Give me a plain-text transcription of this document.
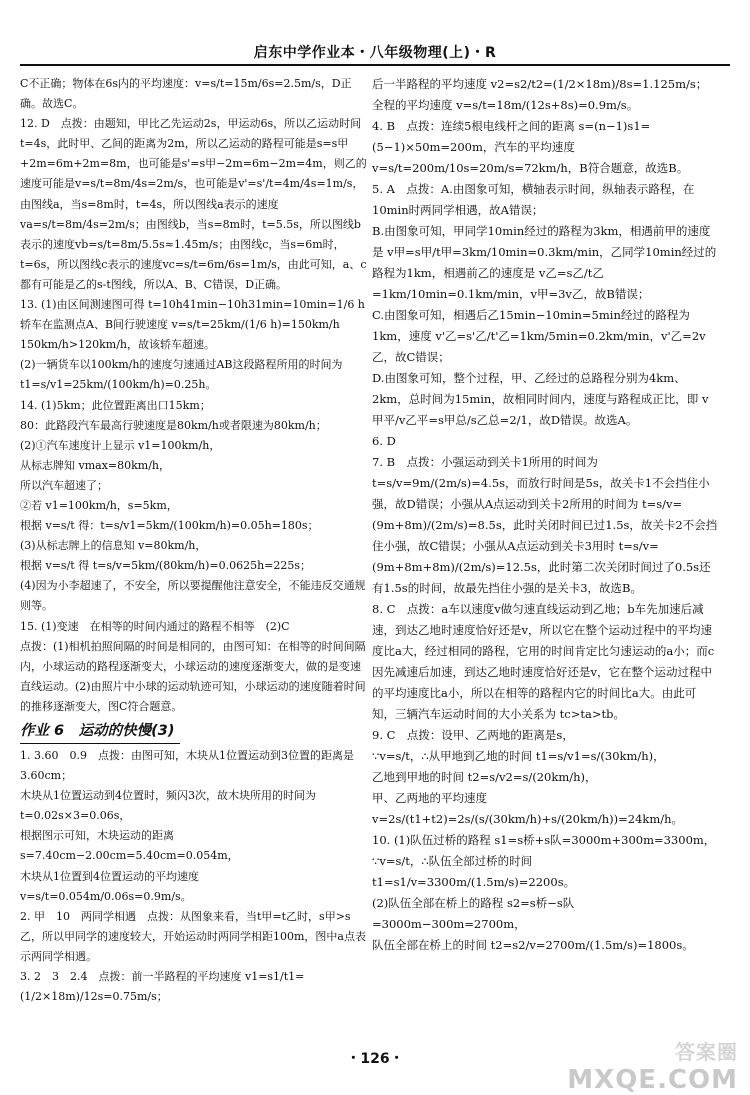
启东中学作业本・八年级物理(上)・R

C不正确；物体在6s内的平均速度：v=s/t=15m/6s=2.5m/s，D正确。故选C。

12. D　点拨：由题知，甲比乙先运动2s，甲运动6s，所以乙运动时间t=4s，此时甲、乙间的距离为2m，所以乙运动的路程可能是s=s甲+2m=6m+2m=8m，也可能是s'=s甲−2m=6m−2m=4m，则乙的速度可能是v=s/t=8m/4s=2m/s，也可能是v'=s'/t=4m/4s=1m/s，由图线a，当s=8m时，t=4s，所以图线a表示的速度va=s/t=8m/4s=2m/s；由图线b，当s=8m时，t=5.5s，所以图线b表示的速度vb=s/t=8m/5.5s≈1.45m/s；由图线c，当s=6m时，t=6s，所以图线c表示的速度vc=s/t=6m/6s=1m/s，由此可知，a、c都有可能是乙的s-t图线，所以A、B、C错误，D正确。

13. (1)由区间测速图可得 t=10h41min−10h31min=10min=1/6 h

轿车在监测点A、B间行驶速度 v=s/t=25km/(1/6 h)=150km/h

150km/h>120km/h，故该轿车超速。

(2)一辆货车以100km/h的速度匀速通过AB这段路程所用的时间为 t1=s/v1=25km/(100km/h)=0.25h。

14. (1)5km；此位置距离出口15km；

80：此路段汽车最高行驶速度是80km/h或者限速为80km/h；

(2)①汽车速度计上显示 v1=100km/h，

从标志牌知 vmax=80km/h，

所以汽车超速了；

②若 v1=100km/h，s=5km，

根据 v=s/t 得：t=s/v1=5km/(100km/h)=0.05h=180s；

(3)从标志牌上的信息知 v=80km/h，

根据 v=s/t 得 t=s/v=5km/(80km/h)=0.0625h=225s；

(4)因为小李超速了，不安全，所以要提醒他注意安全，不能违反交通规则等。

15. (1)变速　在相等的时间内通过的路程不相等　(2)C

点拨：(1)相机拍照间隔的时间是相同的，由图可知：在相等的时间间隔内，小球运动的路程逐渐变大，小球运动的速度逐渐变大，做的是变速直线运动。(2)由照片中小球的运动轨迹可知，小球运动的速度随着时间的推移逐渐变大，图C符合题意。

作业 6　运动的快慢(3)

1. 3.60　0.9　点拨：由图可知，木块从1位置运动到3位置的距离是3.60cm；

木块从1位置运动到4位置时，频闪3次，故木块所用的时间为 t=0.02s×3=0.06s，

根据图示可知，木块运动的距离 s=7.40cm−2.00cm=5.40cm=0.054m，

木块从1位置到4位置运动的平均速度 v=s/t=0.054m/0.06s=0.9m/s。

2. 甲　10　两同学相遇　点拨：从图象来看，当t甲=t乙时，s甲>s乙，所以甲同学的速度较大，开始运动时两同学相距100m，图中a点表示两同学相遇。

3. 2　3　2.4　点拨：前一半路程的平均速度 v1=s1/t1=(1/2×18m)/12s=0.75m/s；

后一半路程的平均速度 v2=s2/t2=(1/2×18m)/8s=1.125m/s；

全程的平均速度 v=s/t=18m/(12s+8s)=0.9m/s。

4. B　点拨：连续5根电线杆之间的距离 s=(n−1)s1=(5−1)×50m=200m，汽车的平均速度 v=s/t=200m/10s=20m/s=72km/h，B符合题意，故选B。

5. A　点拨：A.由图象可知，横轴表示时间，纵轴表示路程，在10min时两同学相遇，故A错误；

B.由图象可知，甲同学10min经过的路程为3km，相遇前甲的速度是 v甲=s甲/t甲=3km/10min=0.3km/min，乙同学10min经过的路程为1km，相遇前乙的速度是 v乙=s乙/t乙=1km/10min=0.1km/min，v甲=3v乙，故B错误；

C.由图象可知，相遇后乙15min−10min=5min经过的路程为1km，速度 v'乙=s'乙/t'乙=1km/5min=0.2km/min，v'乙=2v乙，故C错误；

D.由图象可知，整个过程，甲、乙经过的总路程分别为4km、2km，总时间为15min，故相同时间内，速度与路程成正比，即 v甲平/v乙平=s甲总/s乙总=2/1，故D错误。故选A。

6. D

7. B　点拨：小强运动到关卡1所用的时间为 t=s/v=9m/(2m/s)=4.5s，而放行时间是5s，故关卡1不会挡住小强，故D错误；小强从A点运动到关卡2所用的时间为 t=s/v=(9m+8m)/(2m/s)=8.5s，此时关闭时间已过1.5s，故关卡2不会挡住小强，故C错误；小强从A点运动到关卡3用时 t=s/v=(9m+8m+8m)/(2m/s)=12.5s，此时第二次关闭时间过了0.5s还有1.5s的时间，故最先挡住小强的是关卡3，故选B。

8. C　点拨：a车以速度v做匀速直线运动到乙地；b车先加速后减速，到达乙地时速度恰好还是v，所以它在整个运动过程中的平均速度比a大，经过相同的路程，它用的时间肯定比匀速运动的a小；而c因先减速后加速，到达乙地时速度恰好还是v，它在整个运动过程中的平均速度比a小，所以在相等的路程内它的时间比a大。由此可知，三辆汽车运动时间的大小关系为 tc>ta>tb。

9. C　点拨：设甲、乙两地的距离是s，

∵v=s/t，∴从甲地到乙地的时间 t1=s/v1=s/(30km/h)，

乙地到甲地的时间 t2=s/v2=s/(20km/h)，

甲、乙两地的平均速度

v=2s/(t1+t2)=2s/(s/(30km/h)+s/(20km/h))=24km/h。

10. (1)队伍过桥的路程 s1=s桥+s队=3000m+300m=3300m，

∵v=s/t，∴队伍全部过桥的时间 t1=s1/v=3300m/(1.5m/s)=2200s。

(2)队伍全部在桥上的路程 s2=s桥−s队=3000m−300m=2700m，

队伍全部在桥上的时间 t2=s2/v=2700m/(1.5m/s)=1800s。

・126・	答案圈
MXQE.COM
